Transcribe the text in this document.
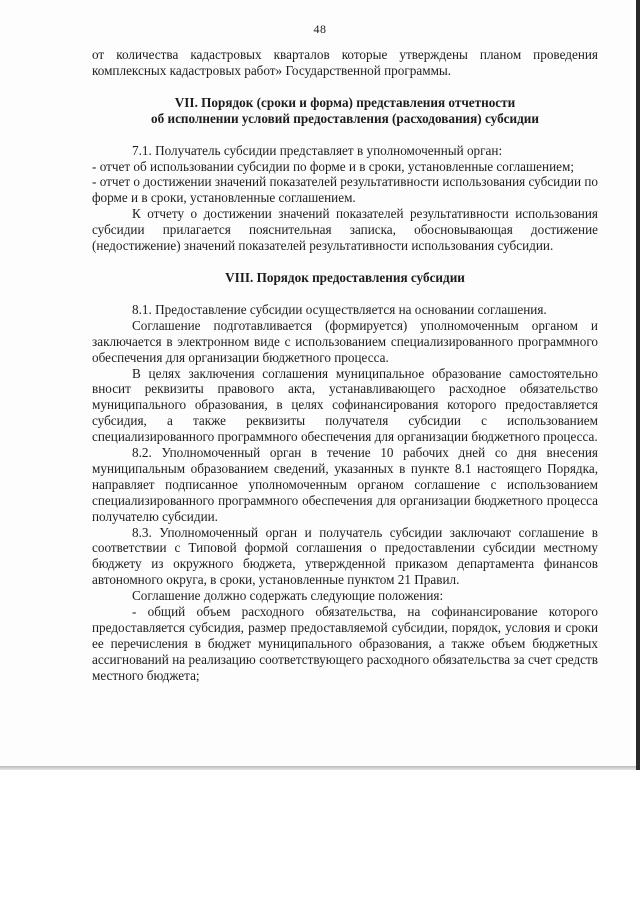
48

от количества кадастровых кварталов которые утверждены планом проведения комплексных кадастровых работ» Государственной программы.

VII. Порядок (сроки и форма) представления отчетности
об исполнении условий предоставления (расходования) субсидии

7.1. Получатель субсидии представляет в уполномоченный орган:

- отчет об использовании субсидии по форме и в сроки, установленные соглашением;

- отчет о достижении значений показателей результативности использования субсидии по форме и в сроки, установленные соглашением.

К отчету о достижении значений показателей результативности использования субсидии прилагается пояснительная записка, обосновывающая достижение (недостижение) значений показателей результативности использования субсидии.

VIII. Порядок предоставления субсидии

8.1. Предоставление субсидии осуществляется на основании соглашения.

Соглашение подготавливается (формируется) уполномоченным органом и заключается в электронном виде с использованием специализированного программного обеспечения для организации бюджетного процесса.

В целях заключения соглашения муниципальное образование самостоятельно вносит реквизиты правового акта, устанавливающего расходное обязательство муниципального образования, в целях софинансирования которого предоставляется субсидия, а также реквизиты получателя субсидии с использованием специализированного программного обеспечения для организации бюджетного процесса.

8.2. Уполномоченный орган в течение 10 рабочих дней со дня внесения муниципальным образованием сведений, указанных в пункте 8.1 настоящего Порядка, направляет подписанное уполномоченным органом соглашение с использованием специализированного программного обеспечения для организации бюджетного процесса получателю субсидии.

8.3. Уполномоченный орган и получатель субсидии заключают соглашение в соответствии с Типовой формой соглашения о предоставлении субсидии местному бюджету из окружного бюджета, утвержденной приказом департамента финансов автономного округа, в сроки, установленные пунктом 21 Правил.

Соглашение должно содержать следующие положения:

- общий объем расходного обязательства, на софинансирование которого предоставляется субсидия, размер предоставляемой субсидии, порядок, условия и сроки ее перечисления в бюджет муниципального образования, а также объем бюджетных ассигнований на реализацию соответствующего расходного обязательства за счет средств местного бюджета;
